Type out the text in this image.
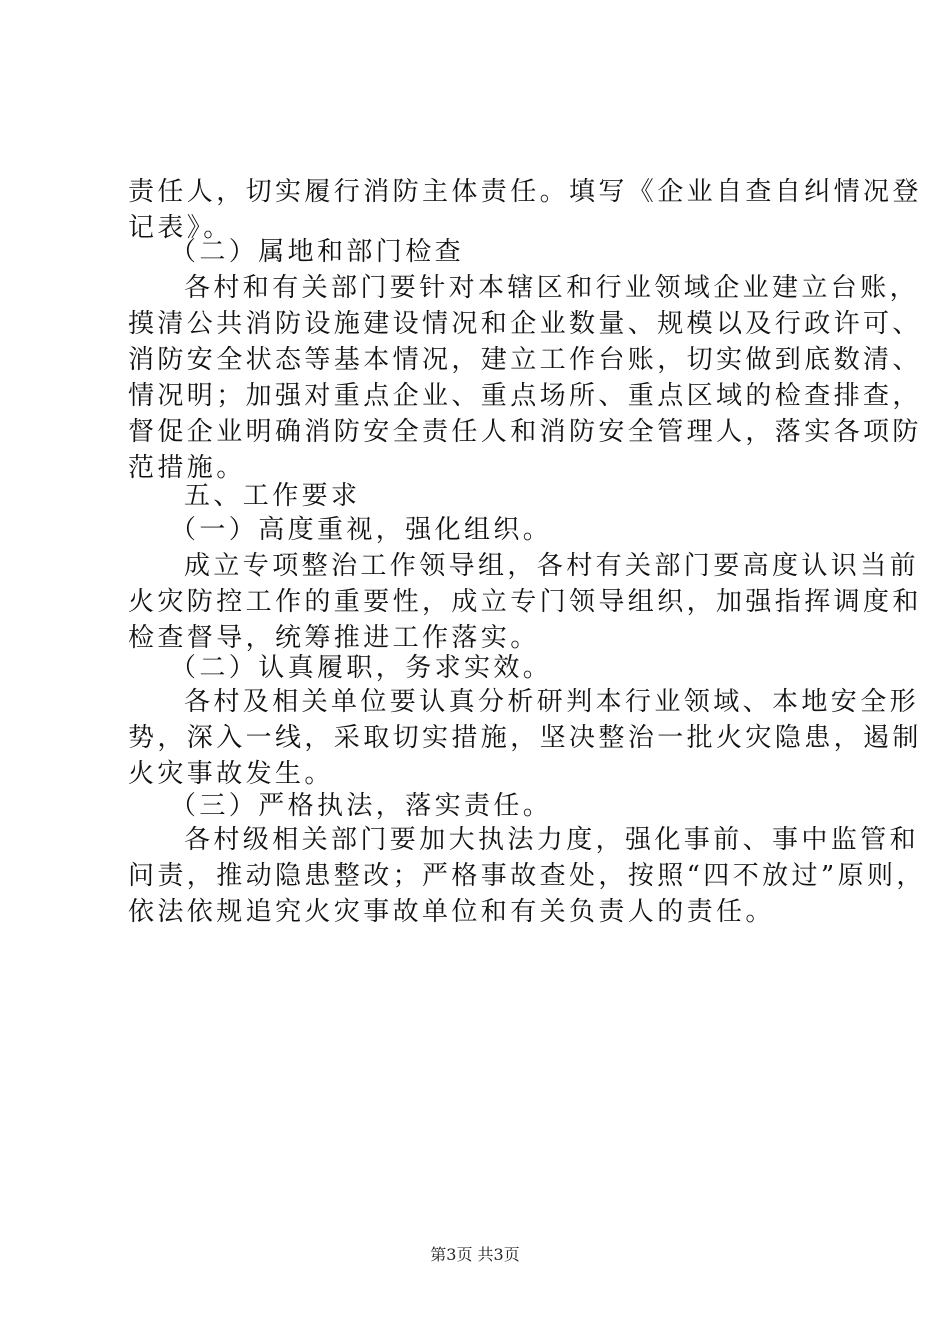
责任人，切实履行消防主体责任。填写《企业自查自纠情况登
记表》。
（二）属地和部门检查
各村和有关部门要针对本辖区和行业领域企业建立台账，
摸清公共消防设施建设情况和企业数量、规模以及行政许可、
消防安全状态等基本情况，建立工作台账，切实做到底数清、
情况明；加强对重点企业、重点场所、重点区域的检查排查，
督促企业明确消防安全责任人和消防安全管理人，落实各项防
范措施。
五、工作要求
（一）高度重视，强化组织。
成立专项整治工作领导组，各村有关部门要高度认识当前
火灾防控工作的重要性，成立专门领导组织，加强指挥调度和
检查督导，统筹推进工作落实。
（二）认真履职，务求实效。
各村及相关单位要认真分析研判本行业领域、本地安全形
势，深入一线，采取切实措施，坚决整治一批火灾隐患，遏制
火灾事故发生。
（三）严格执法，落实责任。
各村级相关部门要加大执法力度，强化事前、事中监管和
问责，推动隐患整改；严格事故查处，按照“四不放过”原则，
依法依规追究火灾事故单位和有关负责人的责任。
第3页 共3页
